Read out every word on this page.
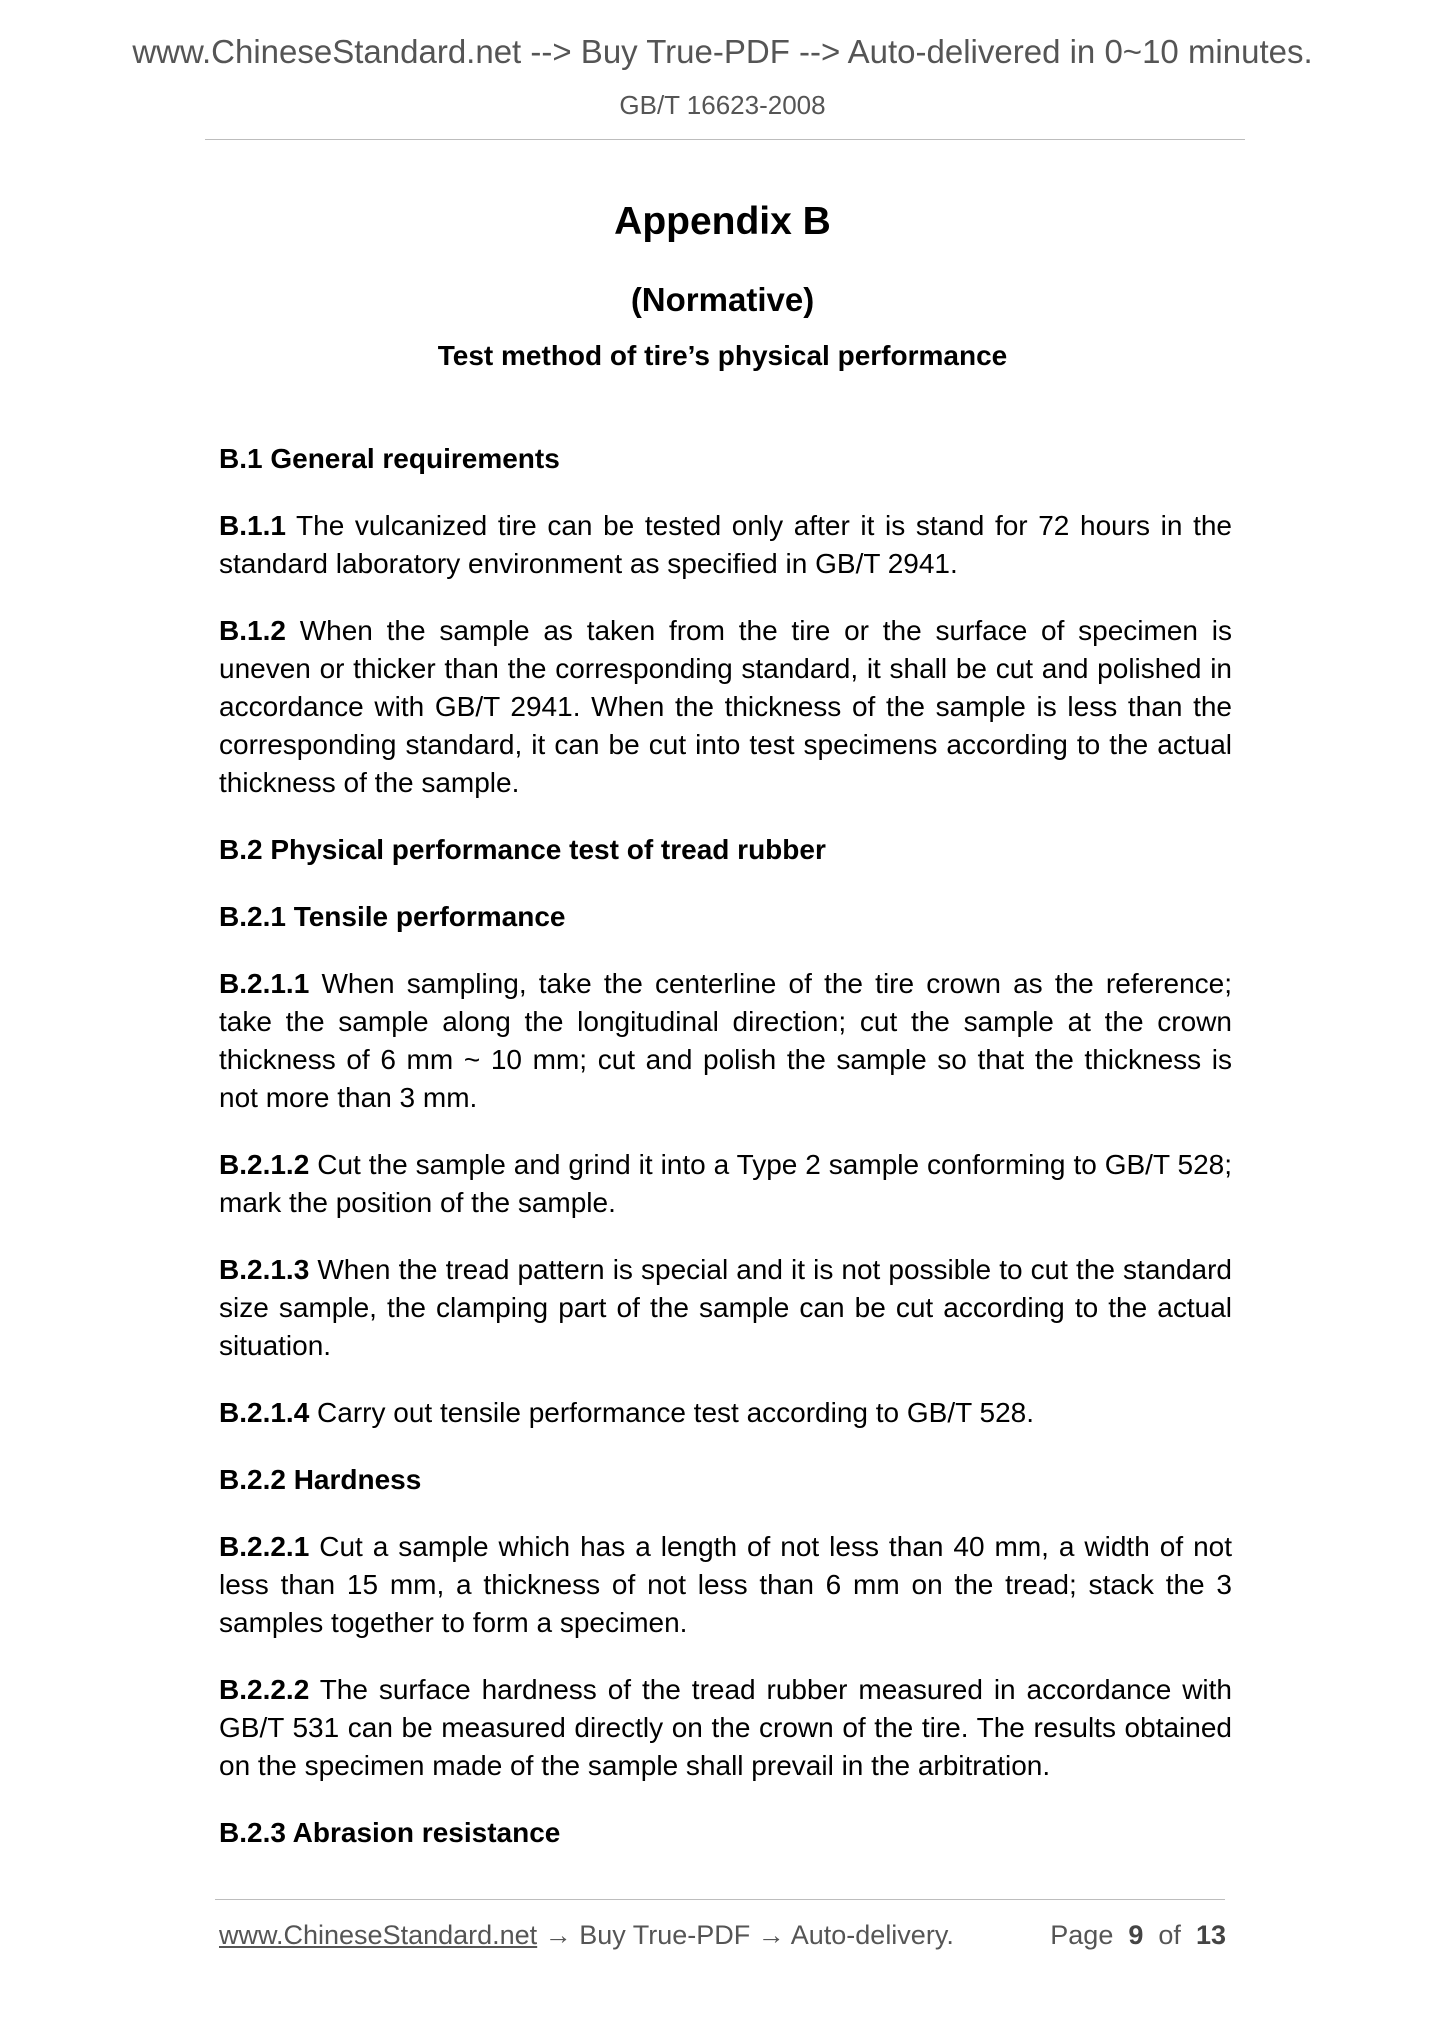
www.ChineseStandard.net --> Buy True-PDF --> Auto-delivered in 0~10 minutes.
GB/T 16623-2008
Appendix B
(Normative)
Test method of tire’s physical performance

B.1 General requirements

B.1.1 The vulcanized tire can be tested only after it is stand for 72 hours in the standard laboratory environment as specified in GB/T 2941.

B.1.2 When the sample as taken from the tire or the surface of specimen is uneven or thicker than the corresponding standard, it shall be cut and polished in accordance with GB/T 2941. When the thickness of the sample is less than the corresponding standard, it can be cut into test specimens according to the actual thickness of the sample.

B.2 Physical performance test of tread rubber

B.2.1 Tensile performance

B.2.1.1 When sampling, take the centerline of the tire crown as the reference; take the sample along the longitudinal direction; cut the sample at the crown thickness of 6 mm ~ 10 mm; cut and polish the sample so that the thickness is not more than 3 mm.

B.2.1.2 Cut the sample and grind it into a Type 2 sample conforming to GB/T 528; mark the position of the sample.

B.2.1.3 When the tread pattern is special and it is not possible to cut the standard size sample, the clamping part of the sample can be cut according to the actual situation.

B.2.1.4 Carry out tensile performance test according to GB/T 528.

B.2.2 Hardness

B.2.2.1 Cut a sample which has a length of not less than 40 mm, a width of not less than 15 mm, a thickness of not less than 6 mm on the tread; stack the 3 samples together to form a specimen.

B.2.2.2 The surface hardness of the tread rubber measured in accordance with GB/T 531 can be measured directly on the crown of the tire. The results obtained on the specimen made of the sample shall prevail in the arbitration.

B.2.3 Abrasion resistance

www.ChineseStandard.net → Buy True-PDF → Auto-delivery.	Page 9 of 13
